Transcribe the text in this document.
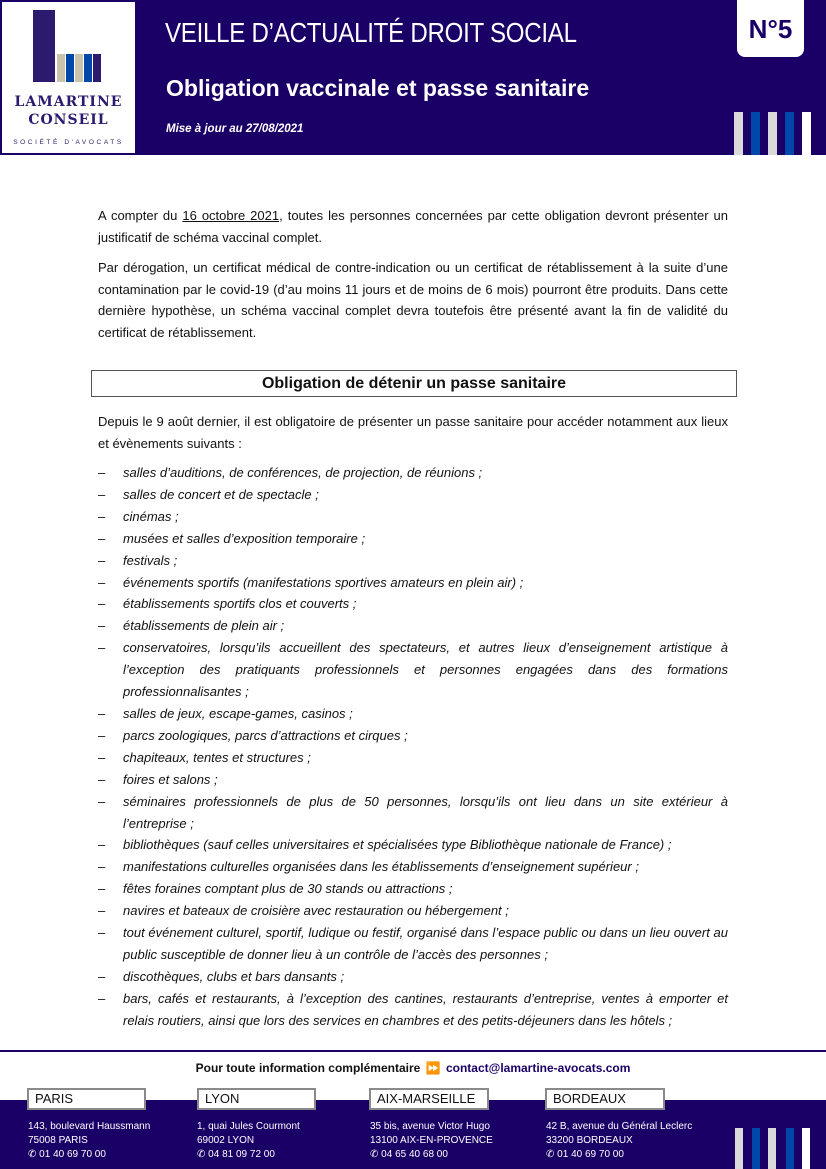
LAMARTINE
CONSEIL
SOCIÉTÉ D'AVOCATS
VEILLE D’ACTUALITÉ DROIT SOCIAL
Obligation vaccinale et passe sanitaire
Mise à jour au 27/08/2021
N°5

A compter du 16 octobre 2021, toutes les personnes concernées par cette obligation devront présenter un justificatif de schéma vaccinal complet.

Par dérogation, un certificat médical de contre-indication ou un certificat de rétablissement à la suite d’une contamination par le covid-19 (d’au moins 11 jours et de moins de 6 mois) pourront être produits. Dans cette dernière hypothèse, un schéma vaccinal complet devra toutefois être présenté avant la fin de validité du certificat de rétablissement.

Obligation de détenir un passe sanitaire

Depuis le 9 août dernier, il est obligatoire de présenter un passe sanitaire pour accéder notamment aux lieux et évènements suivants :

– salles d’auditions, de conférences, de projection, de réunions ;
– salles de concert et de spectacle ;
– cinémas ;
– musées et salles d’exposition temporaire ;
– festivals ;
– événements sportifs (manifestations sportives amateurs en plein air) ;
– établissements sportifs clos et couverts ;
– établissements de plein air ;
– conservatoires, lorsqu’ils accueillent des spectateurs, et autres lieux d’enseignement artistique à l’exception des pratiquants professionnels et personnes engagées dans des formations professionnalisantes ;
– salles de jeux, escape-games, casinos ;
– parcs zoologiques, parcs d’attractions et cirques ;
– chapiteaux, tentes et structures ;
– foires et salons ;
– séminaires professionnels de plus de 50 personnes, lorsqu’ils ont lieu dans un site extérieur à l’entreprise ;
– bibliothèques (sauf celles universitaires et spécialisées type Bibliothèque nationale de France) ;
– manifestations culturelles organisées dans les établissements d’enseignement supérieur ;
– fêtes foraines comptant plus de 30 stands ou attractions ;
– navires et bateaux de croisière avec restauration ou hébergement ;
– tout événement culturel, sportif, ludique ou festif, organisé dans l’espace public ou dans un lieu ouvert au public susceptible de donner lieu à un contrôle de l’accès des personnes ;
– discothèques, clubs et bars dansants ;
– bars, cafés et restaurants, à l’exception des cantines, restaurants d’entreprise, ventes à emporter et relais routiers, ainsi que lors des services en chambres et des petits-déjeuners dans les hôtels ;
Pour toute information complémentaire ⏩ contact@lamartine-avocats.com
PARIS	LYON	AIX-MARSEILLE	BORDEAUX
143, boulevard Haussmann
75008 PARIS
✆ 01 40 69 70 00
1, quai Jules Courmont
69002 LYON
✆ 04 81 09 72 00
35 bis, avenue Victor Hugo
13100 AIX-EN-PROVENCE
✆ 04 65 40 68 00
42 B, avenue du Général Leclerc
33200 BORDEAUX
✆ 01 40 69 70 00
